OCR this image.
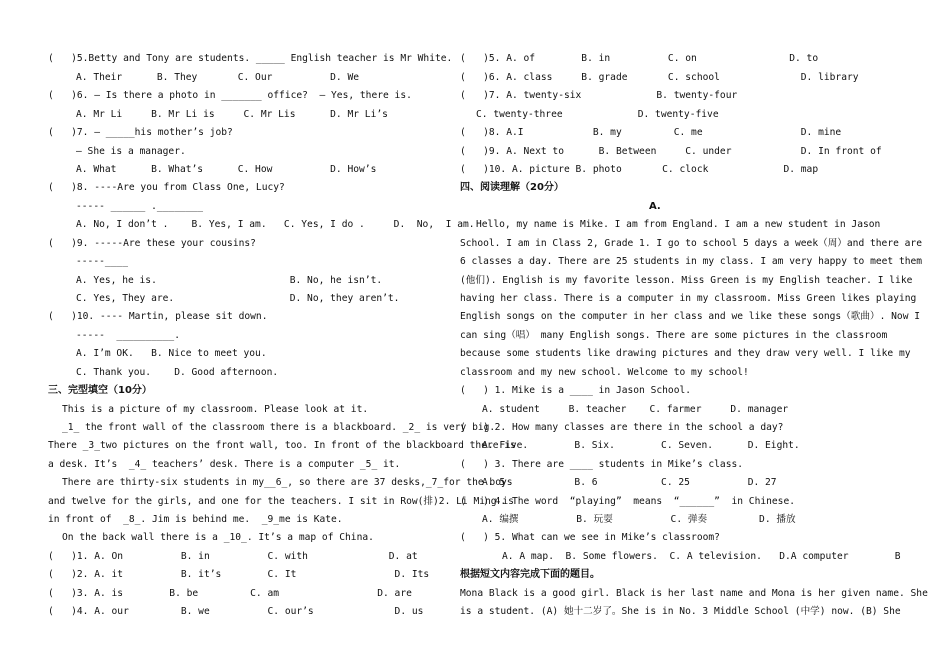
(   )5.Betty and Tony are students. _____ English teacher is Mr White.
A. Their      B. They       C. Our          D. We
(   )6. — Is there a photo in _______ office?  — Yes, there is.
A. Mr Li     B. Mr Li is     C. Mr Lis      D. Mr Li’s
(   )7. — _____his mother’s job?
— She is a manager.
A. What      B. What’s      C. How          D. How’s
(   )8. ----Are you from Class One, Lucy?
----- ______ .________
A. No, I don’t .    B. Yes, I am.   C. Yes, I do .     D.  No,  I am.
(   )9. -----Are these your cousins?
-----____
A. Yes, he is.                       B. No, he isn’t.
C. Yes, They are.                    D. No, they aren’t.
(   )10. ---- Martin, please sit down.
-----  __________.
A. I’m OK.   B. Nice to meet you.
C. Thank you.    D. Good afternoon.
三、完型填空（10分）
This is a picture of my classroom. Please look at it.
_1_ the front wall of the classroom there is a blackboard. _2_ is very big.
There _3_two pictures on the front wall, too. In front of the blackboard there is
a desk. It’s  _4_ teachers’ desk. There is a computer _5_ it.
There are thirty-six students in my__6_, so there are 37 desks,_7_for the boys
and twelve for the girls, and one for the teachers. I sit in Row(排)2. Li Ming is
in front of  _8_. Jim is behind me.  _9_me is Kate.
On the back wall there is a _10_. It’s a map of China.
(   )1. A. On          B. in          C. with              D. at
(   )2. A. it          B. it’s        C. It                 D. Its
(   )3. A. is        B. be         C. am                 D. are
(   )4. A. our         B. we          C. our’s              D. us
(   )5. A. of        B. in          C. on                D. to
(   )6. A. class     B. grade       C. school              D. library
(   )7. A. twenty-six             B. twenty-four
C. twenty-three             D. twenty-five
(   )8. A.I            B. my         C. me                 D. mine
(   )9. A. Next to      B. Between     C. under            D. In front of
(   )10. A. picture B. photo       C. clock             D. map
四、阅读理解（20分）
A.
Hello, my name is Mike. I am from England. I am a new student in Jason
School. I am in Class 2, Grade 1. I go to school 5 days a week（周）and there are
6 classes a day. There are 25 students in my class. I am very happy to meet them
(他们). English is my favorite lesson. Miss Green is my English teacher. I like
having her class. There is a computer in my classroom. Miss Green likes playing
English songs on the computer in her class and we like these songs（歌曲）. Now I
can sing（唱） many English songs. There are some pictures in the classroom
because some students like drawing pictures and they draw very well. I like my
classroom and my new school. Welcome to my school!
(   ) 1. Mike is a ____ in Jason School.
A. student     B. teacher    C. farmer     D. manager
(   ) 2. How many classes are there in the school a day?
A. Five.        B. Six.        C. Seven.      D. Eight.
(   ) 3. There are ____ students in Mike’s class.
A. 5            B. 6           C. 25          D. 27
(   ) 4. The word  “playing”  means  “______”  in Chinese.
A. 编撰          B. 玩耍          C. 弹奏         D. 播放
(   ) 5. What can we see in Mike’s classroom?
A. A map.  B. Some flowers.  C. A television.   D.A computer        B
根据短文内容完成下面的题目。
Mona Black is a good girl. Black is her last name and Mona is her given name. She
is a student. (A) 她十二岁了。She is in No. 3 Middle School (中学) now. (B) She
